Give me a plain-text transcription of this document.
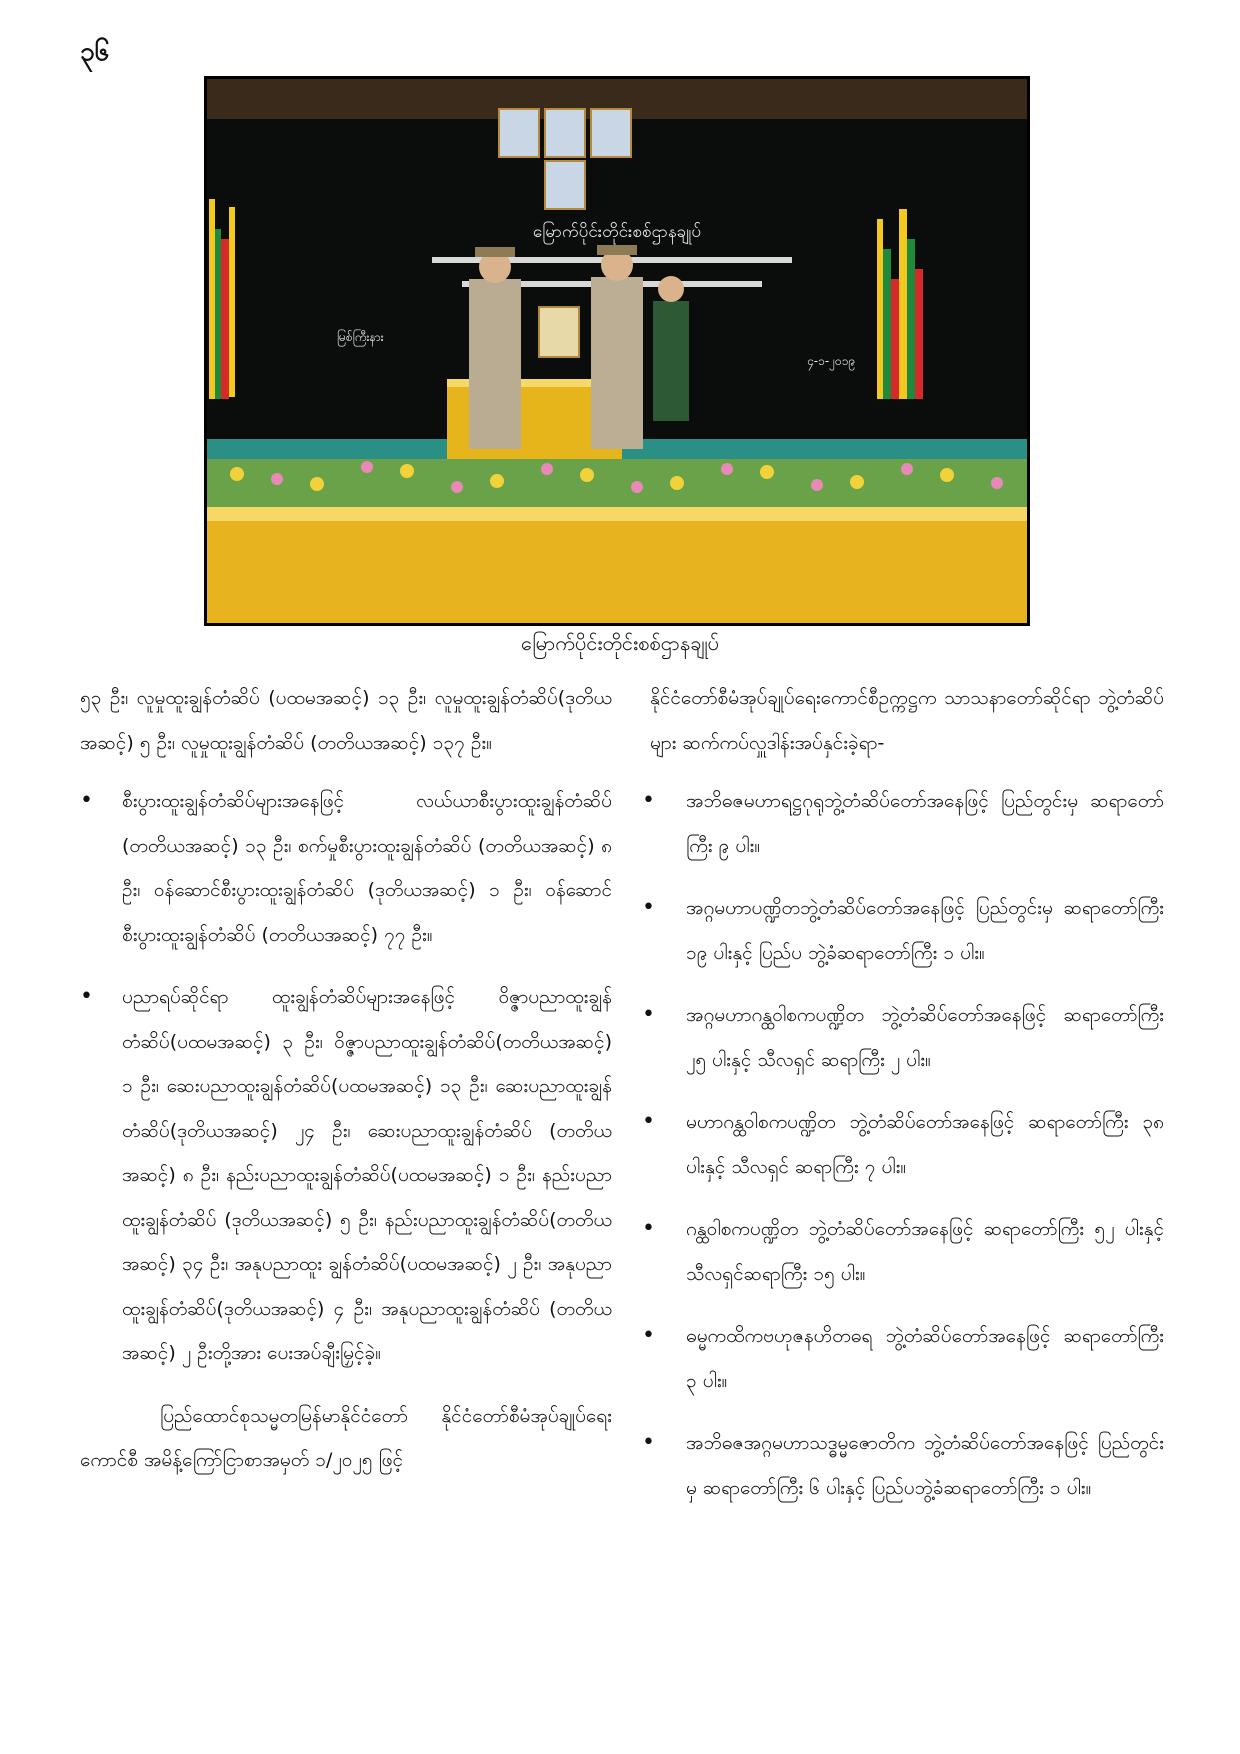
၃၆
မြောက်ပိုင်းတိုင်းစစ်ဌာနချုပ်
မြစ်ကြီးနား
၄-၁-၂၀၁၉
မြောက်ပိုင်းတိုင်းစစ်ဌာနချုပ်

၅၃ ဦး၊ လူမှုထူးချွန်တံဆိပ် (ပထမအဆင့်) ၁၃ ဦး၊ လူမှုထူးချွန်တံဆိပ်(ဒုတိယအဆင့်) ၅ ဦး၊ လူမှုထူးချွန်တံဆိပ် (တတိယအဆင့်) ၁၃၇ ဦး။

• စီးပွားထူးချွန်တံဆိပ်များအနေဖြင့် လယ်ယာစီးပွားထူးချွန်တံဆိပ် (တတိယအဆင့်) ၁၃ ဦး၊ စက်မှုစီးပွားထူးချွန်တံဆိပ် (တတိယအဆင့်) ၈ ဦး၊ ဝန်ဆောင်စီးပွားထူးချွန်တံဆိပ် (ဒုတိယအဆင့်) ၁ ဦး၊ ဝန်ဆောင်စီးပွားထူးချွန်တံဆိပ် (တတိယအဆင့်) ၇၇ ဦး။
• ပညာရပ်ဆိုင်ရာ ထူးချွန်တံဆိပ်များအနေဖြင့် ဝိဇ္ဇာပညာထူးချွန်တံဆိပ်(ပထမအဆင့်) ၃ ဦး၊ ဝိဇ္ဇာပညာထူးချွန်တံဆိပ်(တတိယအဆင့်) ၁ ဦး၊ ဆေးပညာထူးချွန်တံဆိပ်(ပထမအဆင့်) ၁၃ ဦး၊ ဆေးပညာထူးချွန်တံဆိပ်(ဒုတိယအဆင့်) ၂၄ ဦး၊ ဆေးပညာထူးချွန်တံဆိပ် (တတိယအဆင့်) ၈ ဦး၊ နည်းပညာထူးချွန်တံဆိပ်(ပထမအဆင့်) ၁ ဦး၊ နည်းပညာထူးချွန်တံဆိပ် (ဒုတိယအဆင့်) ၅ ဦး၊ နည်းပညာထူးချွန်တံဆိပ်(တတိယအဆင့်) ၃၄ ဦး၊ အနုပညာထူး ချွန်တံဆိပ်(ပထမအဆင့်) ၂ ဦး၊ အနုပညာထူးချွန်တံဆိပ်(ဒုတိယအဆင့်) ၄ ဦး၊ အနုပညာထူးချွန်တံဆိပ် (တတိယအဆင့်) ၂ ဦးတို့အား ပေးအပ်ချီးမြှင့်ခဲ့။

ပြည်ထောင်စုသမ္မတမြန်မာနိုင်ငံတော် နိုင်ငံတော်စီမံအုပ်ချုပ်ရေးကောင်စီ အမိန့်ကြော်ငြာစာအမှတ် ၁/၂၀၂၅ ဖြင့်

နိုင်ငံတော်စီမံအုပ်ချုပ်ရေးကောင်စီဥက္ကဋ္ဌက သာသနာတော်ဆိုင်ရာ ဘွဲ့တံဆိပ်များ ဆက်ကပ်လှူဒါန်းအပ်နှင်းခဲ့ရာ-

• အဘိဓဇမဟာရဋ္ဌဂုရုဘွဲ့တံဆိပ်တော်အနေဖြင့် ပြည်တွင်းမှ ဆရာတော်ကြီး ၉ ပါး။
• အဂ္ဂမဟာပဏ္ဍိတဘွဲ့တံဆိပ်တော်အနေဖြင့် ပြည်တွင်းမှ ဆရာတော်ကြီး ၁၉ ပါးနှင့် ပြည်ပ ဘွဲ့ခံဆရာတော်ကြီး ၁ ပါး။
• အဂ္ဂမဟာဂန္ထဝါစကပဏ္ဍိတ ဘွဲ့တံဆိပ်တော်အနေဖြင့် ဆရာတော်ကြီး ၂၅ ပါးနှင့် သီလရှင် ဆရာကြီး ၂ ပါး။
• မဟာဂန္ထဝါစကပဏ္ဍိတ ဘွဲ့တံဆိပ်တော်အနေဖြင့် ဆရာတော်ကြီး ၃၈ ပါးနှင့် သီလရှင် ဆရာကြီး ၇ ပါး။
• ဂန္ထဝါစကပဏ္ဍိတ ဘွဲ့တံဆိပ်တော်အနေဖြင့် ဆရာတော်ကြီး ၅၂ ပါးနှင့် သီလရှင်ဆရာကြီး ၁၅ ပါး။
• ဓမ္မကထိကဗဟုဇနဟိတဓရ ဘွဲ့တံဆိပ်တော်အနေဖြင့် ဆရာတော်ကြီး ၃ ပါး။
• အဘိဓဇအဂ္ဂမဟာသဒ္ဓမ္မဇောတိက ဘွဲ့တံဆိပ်တော်အနေဖြင့် ပြည်တွင်းမှ ဆရာတော်ကြီး ၆ ပါးနှင့် ပြည်ပဘွဲ့ခံဆရာတော်ကြီး ၁ ပါး။
